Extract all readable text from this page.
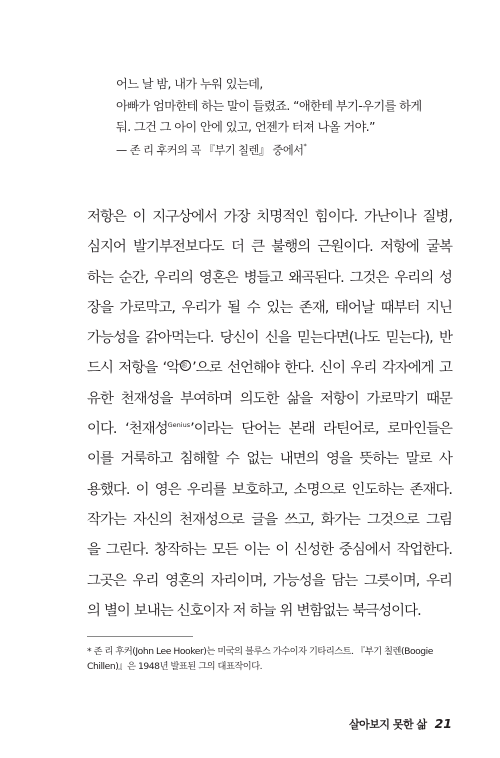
어느 날 밤, 내가 누워 있는데,
아빠가 엄마한테 하는 말이 들렸죠. “애한테 부기-우기를 하게
둬. 그건 그 아이 안에 있고, 언젠가 터져 나올 거야.”
— 존 리 후커의 곡 『부기 칠렌』 중에서*
저항은 이 지구상에서 가장 치명적인 힘이다. 가난이나 질병,
심지어 발기부전보다도 더 큰 불행의 근원이다. 저항에 굴복
하는 순간, 우리의 영혼은 병들고 왜곡된다. 그것은 우리의 성
장을 가로막고, 우리가 될 수 있는 존재, 태어날 때부터 지닌
가능성을 갉아먹는다. 당신이 신을 믿는다면(나도 믿는다), 반
드시 저항을 ‘악 惡 ’으로 선언해야 한다. 신이 우리 각자에게 고
유한 천재성을 부여하며 의도한 삶을 저항이 가로막기 때문
이다. ‘천재성$^{Genius}$’이라는 단어는 본래 라틴어로, 로마인들은
이를 거룩하고 침해할 수 없는 내면의 영을 뜻하는 말로 사
용했다. 이 영은 우리를 보호하고, 소명으로 인도하는 존재다.
작가는 자신의 천재성으로 글을 쓰고, 화가는 그것으로 그림
을 그린다. 창작하는 모든 이는 이 신성한 중심에서 작업한다.
그곳은 우리 영혼의 자리이며, 가능성을 담는 그릇이며, 우리
의 별이 보내는 신호이자 저 하늘 위 변함없는 북극성이다.
* 존 리 후커(John Lee Hooker)는 미국의 블루스 가수이자 기타리스트. 『부기 칠렌(Boogie
Chillen)』은 1948년 발표된 그의 대표작이다.
살아보지 못한 삶 21
